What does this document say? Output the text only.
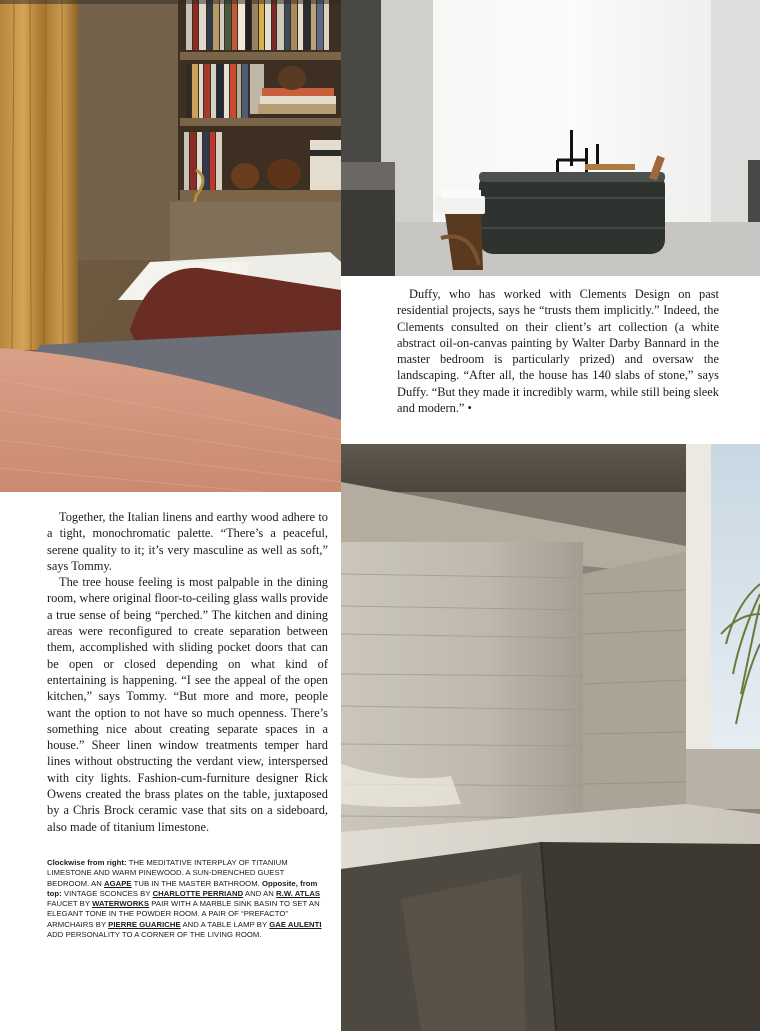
Duffy, who has worked with Clements Design on past residential projects, says he “trusts them implicitly.” Indeed, the Clements consulted on their client’s art collection (a white abstract oil-on-canvas painting by Walter Darby Bannard in the master bedroom is particularly prized) and oversaw the landscaping. “After all, the house has 140 slabs of stone,” says Duffy. “But they made it incredibly warm, while still being sleek and modern.” •

Together, the Italian linens and earthy wood adhere to a tight, monochromatic palette. “There’s a peaceful, serene quality to it; it’s very masculine as well as soft,” says Tommy.

The tree house feeling is most palpable in the dining room, where original floor-to-ceiling glass walls provide a true sense of being “perched.” The kitchen and dining areas were reconfigured to create separation between them, accomplished with sliding pocket doors that can be open or closed depending on what kind of entertaining is happening. “I see the appeal of the open kitchen,” says Tommy. “But more and more, people want the option to not have so much openness. There’s something nice about creating separate spaces in a house.” Sheer linen window treatments temper hard lines without obstructing the verdant view, interspersed with city lights. Fashion-cum-furniture designer Rick Owens created the brass plates on the table, juxtaposed by a Chris Brock ceramic vase that sits on a sideboard, also made of titanium limestone.

Clockwise from right: THE MEDITATIVE INTERPLAY OF TITANIUM LIMESTONE AND WARM PINEWOOD. A SUN-DRENCHED GUEST BEDROOM. AN AGAPE TUB IN THE MASTER BATHROOM. Opposite, from top: VINTAGE SCONCES BY CHARLOTTE PERRIAND AND AN R.W. ATLAS FAUCET BY WATERWORKS PAIR WITH A MARBLE SINK BASIN TO SET AN ELEGANT TONE IN THE POWDER ROOM. A PAIR OF “PREFACTO” ARMCHAIRS BY PIERRE GUARICHE AND A TABLE LAMP BY GAE AULENTI ADD PERSONALITY TO A CORNER OF THE LIVING ROOM.
